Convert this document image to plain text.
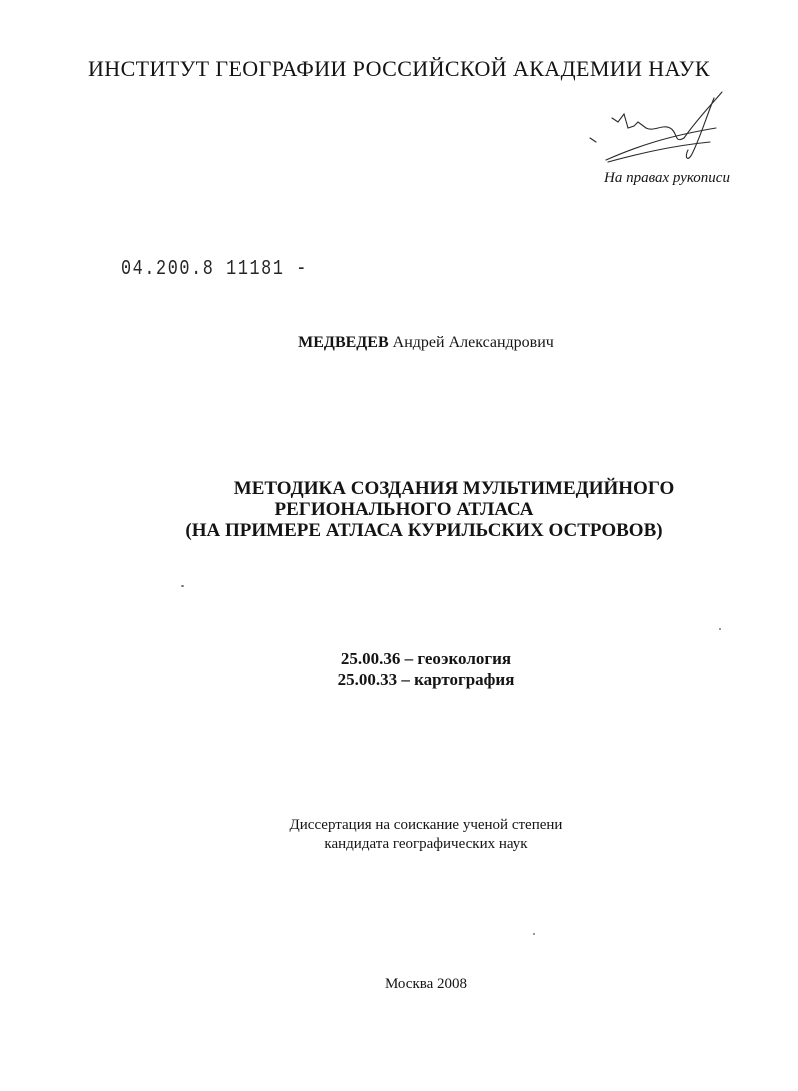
ИНСТИТУТ ГЕОГРАФИИ РОССИЙСКОЙ АКАДЕМИИ НАУК
На правах рукописи
04.200.8 11181 -
МЕДВЕДЕВ Андрей Александрович
МЕТОДИКА СОЗДАНИЯ МУЛЬТИМЕДИЙНОГО
РЕГИОНАЛЬНОГО АТЛАСА
(НА ПРИМЕРЕ АТЛАСА КУРИЛЬСКИХ ОСТРОВОВ)
25.00.36 – геоэкология
25.00.33 – картография
Диссертация на соискание ученой степени
кандидата географических наук
Москва 2008
